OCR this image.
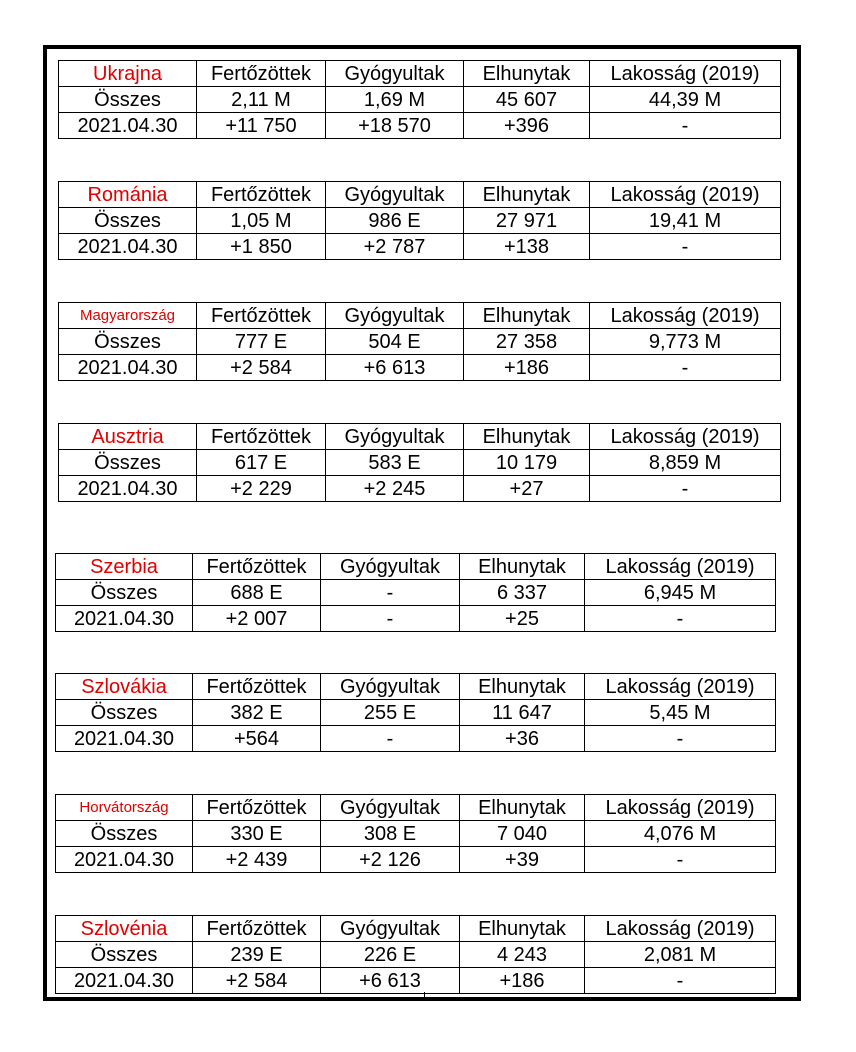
Ukrajna	Fertőzöttek	Gyógyultak	Elhunytak	Lakosság (2019)
Összes	2,11 M	1,69 M	45 607	44,39 M
2021.04.30	+11 750	+18 570	+396	-
Románia	Fertőzöttek	Gyógyultak	Elhunytak	Lakosság (2019)
Összes	1,05 M	986 E	27 971	19,41 M
2021.04.30	+1 850	+2 787	+138	-
Magyarország	Fertőzöttek	Gyógyultak	Elhunytak	Lakosság (2019)
Összes	777 E	504 E	27 358	9,773 M
2021.04.30	+2 584	+6 613	+186	-
Ausztria	Fertőzöttek	Gyógyultak	Elhunytak	Lakosság (2019)
Összes	617 E	583 E	10 179	8,859 M
2021.04.30	+2 229	+2 245	+27	-
Szerbia	Fertőzöttek	Gyógyultak	Elhunytak	Lakosság (2019)
Összes	688 E	-	6 337	6,945 M
2021.04.30	+2 007	-	+25	-
Szlovákia	Fertőzöttek	Gyógyultak	Elhunytak	Lakosság (2019)
Összes	382 E	255 E	11 647	5,45 M
2021.04.30	+564	-	+36	-
Horvátország	Fertőzöttek	Gyógyultak	Elhunytak	Lakosság (2019)
Összes	330 E	308 E	7 040	4,076 M
2021.04.30	+2 439	+2 126	+39	-
Szlovénia	Fertőzöttek	Gyógyultak	Elhunytak	Lakosság (2019)
Összes	239 E	226 E	4 243	2,081 M
2021.04.30	+2 584	+6 613	+186	-
